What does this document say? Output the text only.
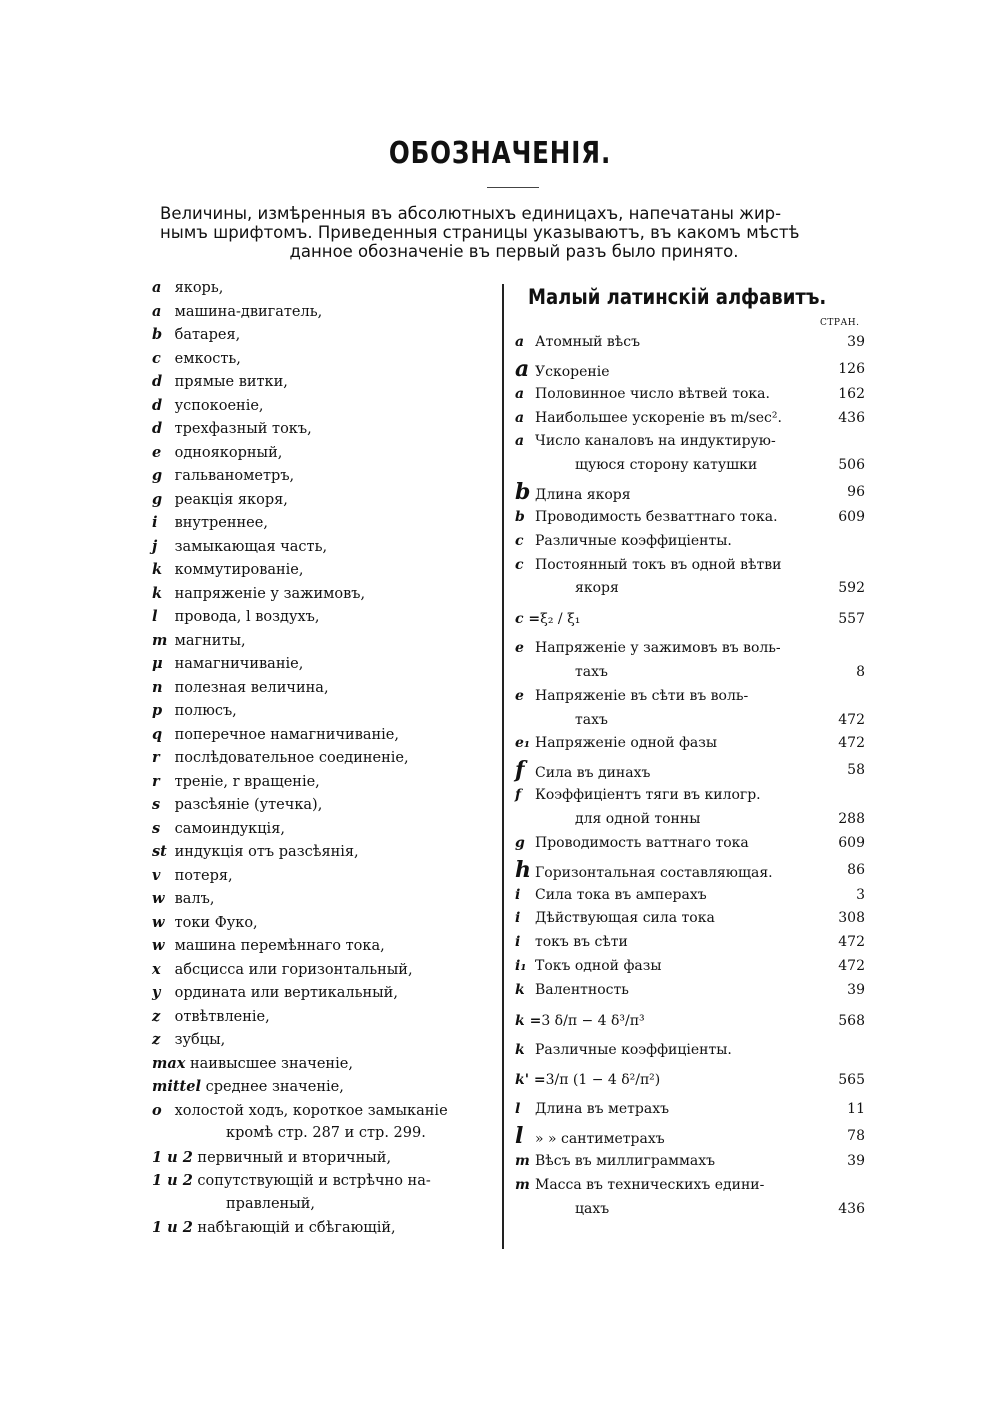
ОБОЗНАЧЕНІЯ.
Величины, измѣренныя въ абсолютныхъ единицахъ, напечатаны жир-
нымъ шрифтомъ. Приведенныя страницы указываютъ, въ какомъ мѣстѣ
данное обозначеніе въ первый разъ было принято.
a якорь,
a машина-двигатель,
b батарея,
c емкость,
d прямые витки,
d успокоеніе,
d трехфазный токъ,
e одноякорный,
g гальванометръ,
g реакція якоря,
i внутреннее,
j замыкающая часть,
k коммутированіе,
k напряженіе у зажимовъ,
l провода, l воздухъ,
m магниты,
μ намагничиваніе,
n полезная величина,
p полюсъ,
q поперечное намагничиваніе,
r послѣдовательное соединеніе,
r треніе, r вращеніе,
s разсѣяніе (утечка),
s самоиндукція,
st индукція отъ разсѣянія,
v потеря,
w валъ,
w токи Фуко,
w машина перемѣннаго тока,
x абсцисса или горизонтальный,
y ордината или вертикальный,
z отвѣтвленіе,
z зубцы,
max наивысшее значеніе,
mittel среднее значеніе,
o холостой ходъ, короткое замыканіе
кромѣ стр. 287 и стр. 299.
1 и 2 первичный и вторичный,
1 и 2 сопутствующій и встрѣчно на-
правленый,
1 и 2 набѣгающій и сбѣгающій,
Малый латинскій алфавитъ.
СТРАН.
a Атомный вѣсъ	39
a Ускореніе	126
a Половинное число вѣтвей тока.	162
a Наибольшее ускореніе въ m/sec².	436
a Число каналовъ на индуктирую-
щуюся сторону катушки	506
b Длина якоря	96
b Проводимость безваттнаго тока.	609
c Различные коэффиціенты.
c Постоянный токъ въ одной вѣтви
якоря	592
c =ξ₂ / ξ₁	557
e Напряженіе у зажимовъ въ воль-
тахъ	8
e Напряженіе въ сѣти въ воль-
тахъ	472
e₁ Напряженіе одной фазы	472
f Сила въ динахъ	58
f Коэффиціентъ тяги въ килогр.
для одной тонны	288
g Проводимость ваттнаго тока	609
h Горизонтальная составляющая.	86
i Сила тока въ амперахъ	3
i Дѣйствующая сила тока	308
i токъ въ сѣти	472
i₁ Токъ одной фазы	472
k Валентность	39
k =3 δ/π − 4 δ³/π³	568
k Различные коэффиціенты.
k' =3/π (1 − 4 δ²/π²)	565
l Длина въ метрахъ	11
l » » сантиметрахъ	78
m Вѣсъ въ миллиграммахъ	39
m Масса въ техническихъ едини-
цахъ	436
